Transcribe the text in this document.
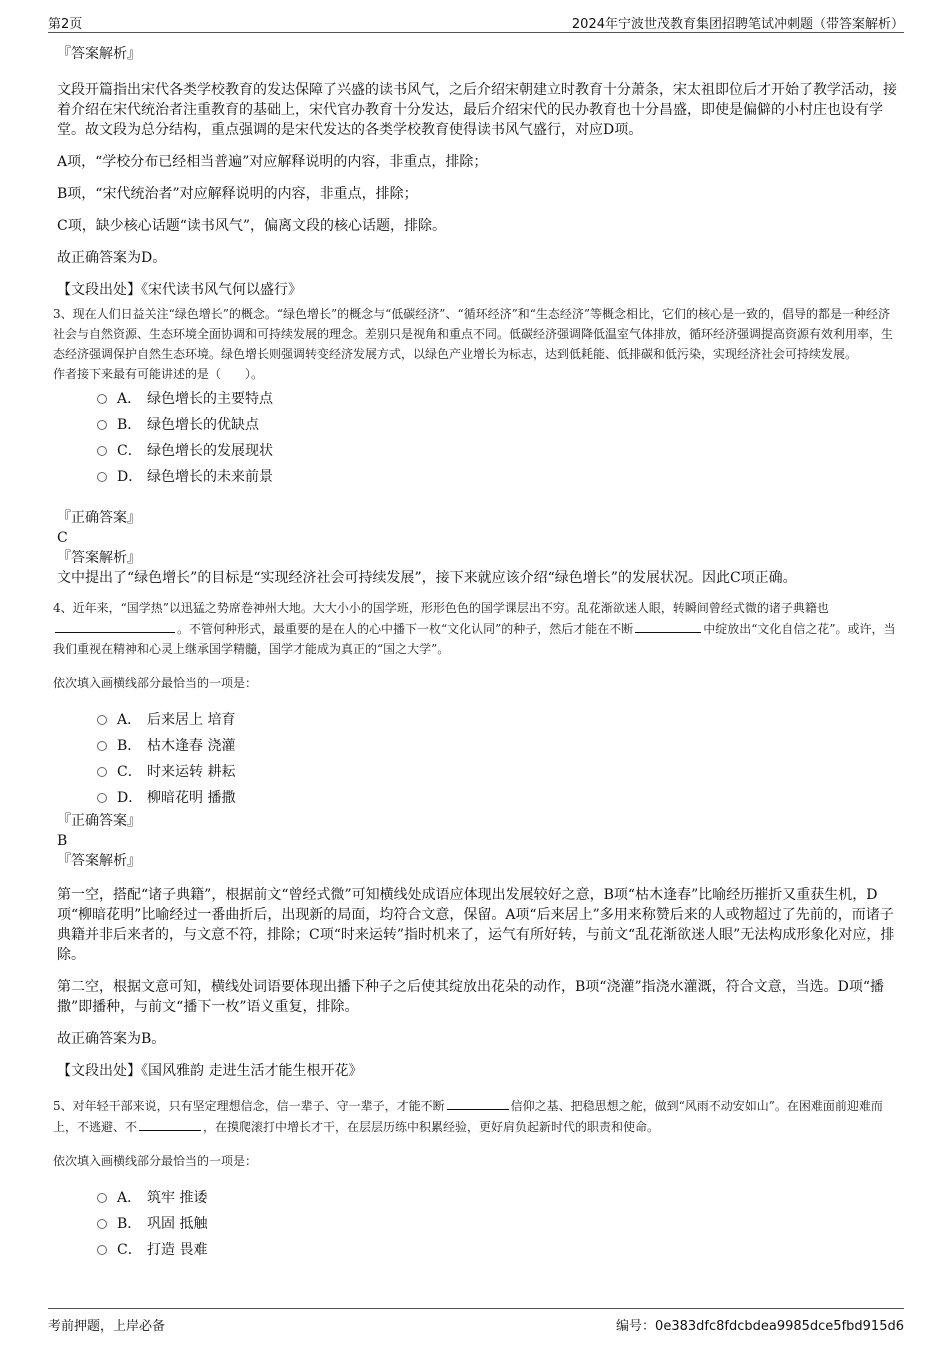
第2页	2024年宁波世茂教育集团招聘笔试冲刺题（带答案解析）
『答案解析』

文段开篇指出宋代各类学校教育的发达保障了兴盛的读书风气，之后介绍宋朝建立时教育十分萧条，宋太祖即位后才开始了教学活动，接着介绍在宋代统治者注重教育的基础上，宋代官办教育十分发达，最后介绍宋代的民办教育也十分昌盛，即使是偏僻的小村庄也设有学堂。故文段为总分结构，重点强调的是宋代发达的各类学校教育使得读书风气盛行，对应D项。

A项，“学校分布已经相当普遍”对应解释说明的内容，非重点，排除；

B项，“宋代统治者”对应解释说明的内容，非重点，排除；

C项，缺少核心话题“读书风气”，偏离文段的核心话题，排除。

故正确答案为D。

【文段出处】《宋代读书风气何以盛行》

3、现在人们日益关注“绿色增长”的概念。“绿色增长”的概念与“低碳经济”、“循环经济”和“生态经济”等概念相比，它们的核心是一致的，倡导的都是一种经济社会与自然资源、生态环境全面协调和可持续发展的理念。差别只是视角和重点不同。低碳经济强调降低温室气体排放，循环经济强调提高资源有效利用率，生态经济强调保护自然生态环境。绿色增长则强调转变经济发展方式，以绿色产业增长为标志，达到低耗能、低排碳和低污染，实现经济社会可持续发展。

作者接下来最有可能讲述的是（　　）。

A． 绿色增长的主要特点
B． 绿色增长的优缺点
C． 绿色增长的发展现状
D． 绿色增长的未来前景
『正确答案』
C
『答案解析』

文中提出了“绿色增长”的目标是“实现经济社会可持续发展”，接下来就应该介绍“绿色增长”的发展状况。因此C项正确。

4、近年来，“国学热”以迅猛之势席卷神州大地。大大小小的国学班，形形色色的国学课层出不穷。乱花渐欲迷人眼，转瞬间曾经式微的诸子典籍也。不管何种形式，最重要的是在人的心中播下一枚“文化认同”的种子，然后才能在不断	中绽放出“文化自信之花”。或许，当我们重视在精神和心灵上继承国学精髓，国学才能成为真正的“国之大学”。

依次填入画横线部分最恰当的一项是：

A． 后来居上 培育
B． 枯木逢春 浇灌
C． 时来运转 耕耘
D． 柳暗花明 播撒
『正确答案』
B
『答案解析』

第一空，搭配“诸子典籍”，根据前文“曾经式微”可知横线处成语应体现出发展较好之意，B项“枯木逢春”比喻经历摧折又重获生机，D项“柳暗花明”比喻经过一番曲折后，出现新的局面，均符合文意，保留。A项“后来居上”多用来称赞后来的人或物超过了先前的，而诸子典籍并非后来者的，与文意不符，排除；C项“时来运转”指时机来了，运气有所好转，与前文“乱花渐欲迷人眼”无法构成形象化对应，排除。

第二空，根据文意可知，横线处词语要体现出播下种子之后使其绽放出花朵的动作，B项“浇灌”指浇水灌溉，符合文意，当选。D项“播撒”即播种，与前文“播下一枚”语义重复，排除。

故正确答案为B。

【文段出处】《国风雅韵 走进生活才能生根开花》

5、对年轻干部来说，只有坚定理想信念，信一辈子、守一辈子，才能不断	信仰之基、把稳思想之舵，做到“风雨不动安如山”。在困难面前迎难而上，不逃避、不	，在摸爬滚打中增长才干，在层层历练中积累经验，更好肩负起新时代的职责和使命。

依次填入画横线部分最恰当的一项是：

A． 筑牢 推诿
B． 巩固 抵触
C． 打造 畏难
考前押题，上岸必备	编号：0e383dfc8fdcbdea9985dce5fbd915d6
